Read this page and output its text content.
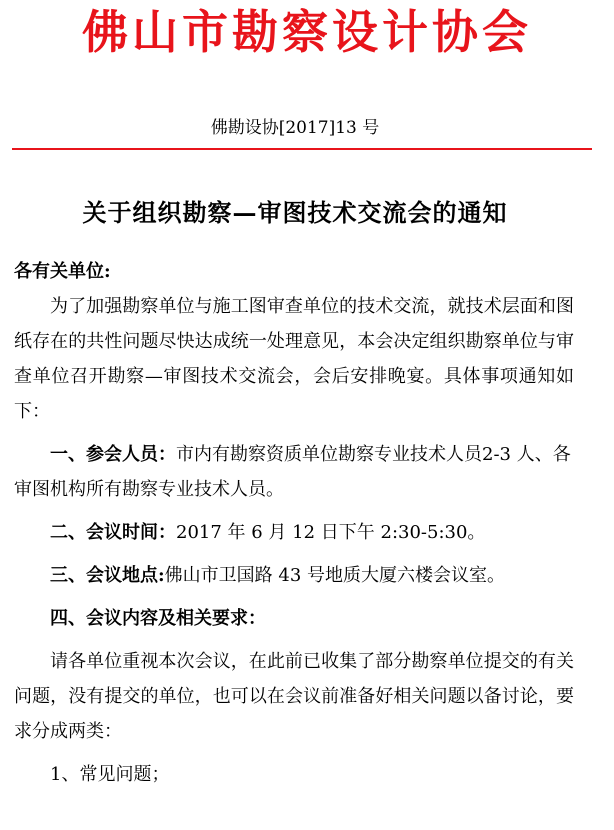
佛山市勘察设计协会
佛勘设协[2017]13 号
关于组织勘察—审图技术交流会的通知

各有关单位:

为了加强勘察单位与施工图审查单位的技术交流，就技术层面和图纸存在的共性问题尽快达成统一处理意见，本会决定组织勘察单位与审查单位召开勘察—审图技术交流会，会后安排晚宴。具体事项通知如下：

一、参会人员：市内有勘察资质单位勘察专业技术人员2-3 人、各审图机构所有勘察专业技术人员。

二、会议时间：2017 年 6 月 12 日下午 2:30-5:30。

三、会议地点:佛山市卫国路 43 号地质大厦六楼会议室。

四、会议内容及相关要求：

请各单位重视本次会议，在此前已收集了部分勘察单位提交的有关问题，没有提交的单位，也可以在会议前准备好相关问题以备讨论，要求分成两类：

1、常见问题；
